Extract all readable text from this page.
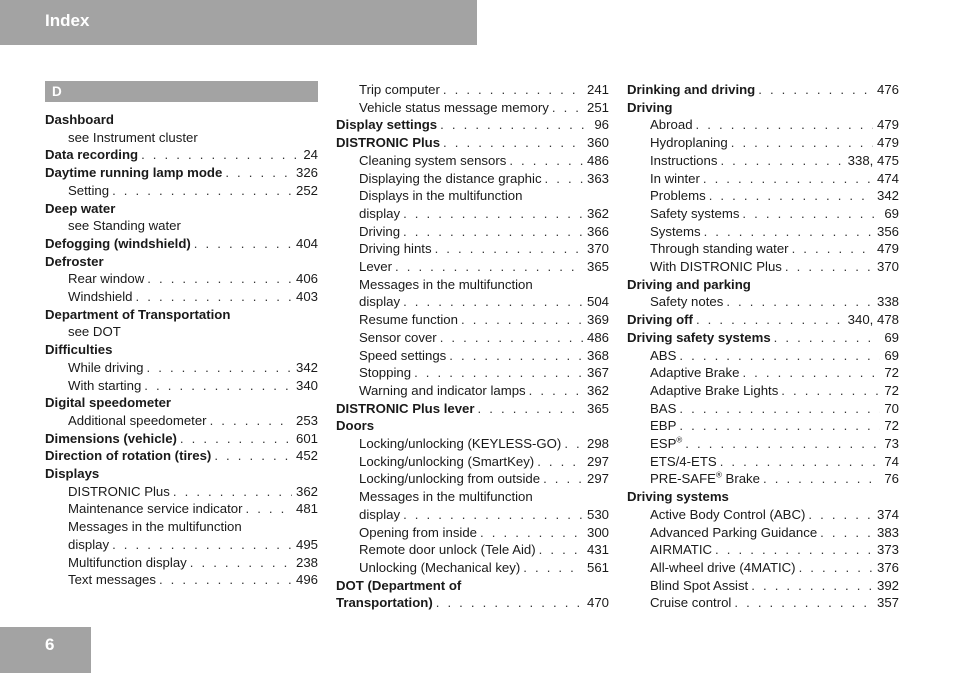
Index
D
Dashboard
see Instrument cluster
Data recording . . .	24
Daytime running lamp mode . . .	326
Setting . . .	252
Deep water
see Standing water
Defogging (windshield) . . .	404
Defroster
Rear window . . .	406
Windshield . . .	403
Department of Transportation
see DOT
Difficulties
While driving . . .	342
With starting . . .	340
Digital speedometer
Additional speedometer . . .	253
Dimensions (vehicle) . . .	601
Direction of rotation (tires) . . .	452
Displays
DISTRONIC Plus . . .	362
Maintenance service indicator . . .	481
Messages in the multifunction
display . . .	495
Multifunction display . . .	238
Text messages . . .	496
Trip computer . . .	241
Vehicle status message memory . . .	251
Display settings . . .	96
DISTRONIC Plus . . .	360
Cleaning system sensors . . .	486
Displaying the distance graphic . . .	363
Displays in the multifunction
display . . .	362
Driving . . .	366
Driving hints . . .	370
Lever . . .	365
Messages in the multifunction
display . . .	504
Resume function . . .	369
Sensor cover . . .	486
Speed settings . . .	368
Stopping . . .	367
Warning and indicator lamps . . .	362
DISTRONIC Plus lever . . .	365
Doors
Locking/unlocking (KEYLESS-GO) . . .	298
Locking/unlocking (SmartKey) . . .	297
Locking/unlocking from outside . . .	297
Messages in the multifunction
display . . .	530
Opening from inside . . .	300
Remote door unlock (Tele Aid) . . .	431
Unlocking (Mechanical key) . . .	561
DOT (Department of
Transportation) . . .	470
Drinking and driving . . .	476
Driving
Abroad . . .	479
Hydroplaning . . .	479
Instructions . . .	338, 475
In winter . . .	474
Problems . . .	342
Safety systems . . .	69
Systems . . .	356
Through standing water . . .	479
With DISTRONIC Plus . . .	370
Driving and parking
Safety notes . . .	338
Driving off . . .	340, 478
Driving safety systems . . .	69
ABS . . .	69
Adaptive Brake . . .	72
Adaptive Brake Lights . . .	72
BAS . . .	70
EBP . . .	72
ESP® . . .	73
ETS/4-ETS . . .	74
PRE-SAFE® Brake . . .	76
Driving systems
Active Body Control (ABC) . . .	374
Advanced Parking Guidance . . .	383
AIRMATIC . . .	373
All-wheel drive (4MATIC) . . .	376
Blind Spot Assist . . .	392
Cruise control . . .	357
6
